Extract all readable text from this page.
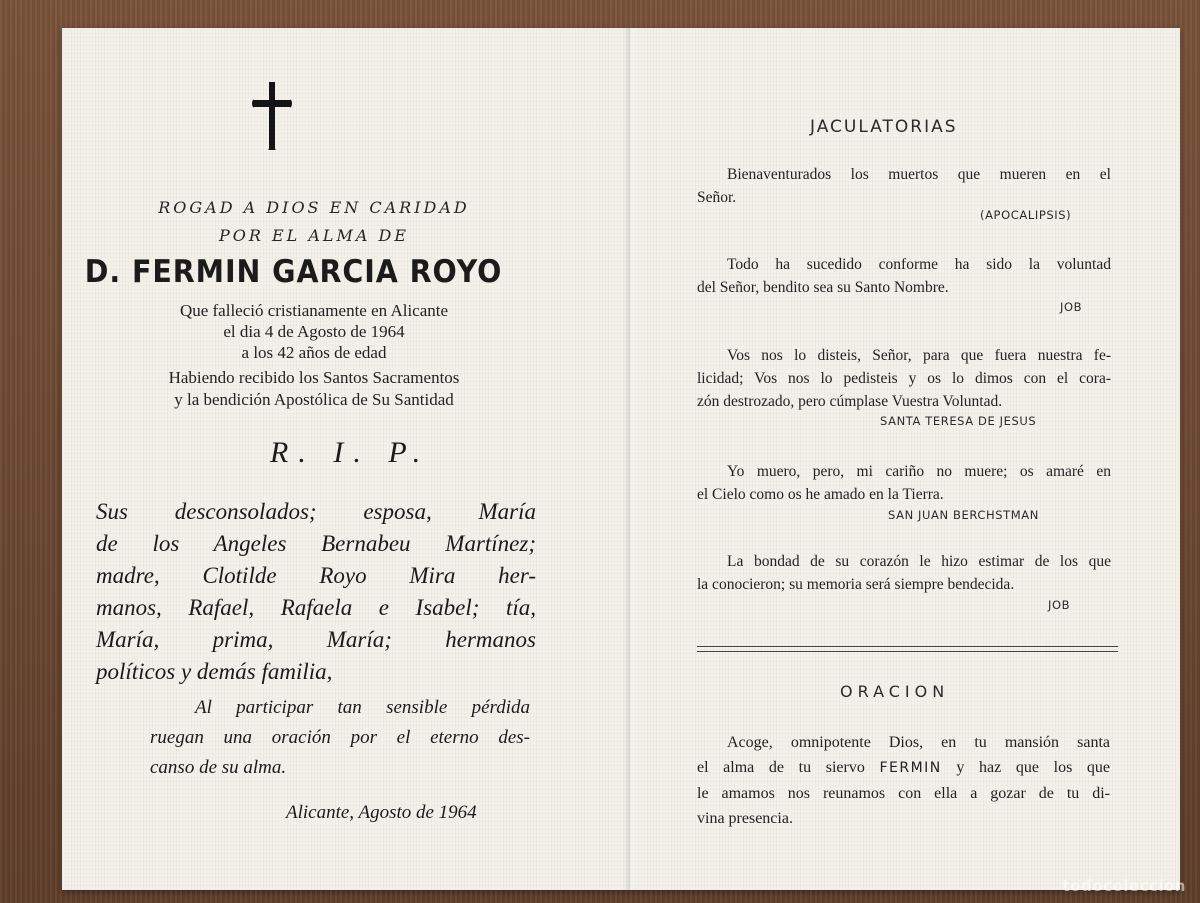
ROGAD A DIOS EN CARIDAD
POR EL ALMA DE
D. FERMIN GARCIA ROYO
Que falleció cristianamente en Alicante
el dia 4 de Agosto de 1964
a los 42 años de edad
Habiendo recibido los Santos Sacramentos
y la bendición Apostólica de Su Santidad
R. I. P.
Sus desconsolados; esposa, María
de los Angeles Bernabeu Martínez;
madre, Clotilde Royo Mira her-
manos, Rafael, Rafaela e Isabel; tía,
María, prima, María; hermanos
políticos y demás familia,
Al participar tan sensible pérdida
ruegan una oración por el eterno des-
canso de su alma.
Alicante, Agosto de 1964
JACULATORIAS
Bienaventurados los muertos que mueren en el
Señor.
(APOCALIPSIS)
Todo ha sucedido conforme ha sido la voluntad
del Señor, bendito sea su Santo Nombre.
JOB
Vos nos lo disteis, Señor, para que fuera nuestra fe-
licidad; Vos nos lo pedisteis y os lo dimos con el cora-
zón destrozado, pero cúmplase Vuestra Voluntad.
SANTA TERESA DE JESUS
Yo muero, pero, mi cariño no muere; os amaré en
el Cielo como os he amado en la Tierra.
SAN JUAN BERCHSTMAN
La bondad de su corazón le hizo estimar de los que
la conocieron; su memoria será siempre bendecida.
JOB
ORACION
Acoge, omnipotente Dios, en tu mansión santa
el alma de tu siervo FERMIN y haz que los que
le amamos nos reunamos con ella a gozar de tu di-
vina presencia.
todocoleccion
